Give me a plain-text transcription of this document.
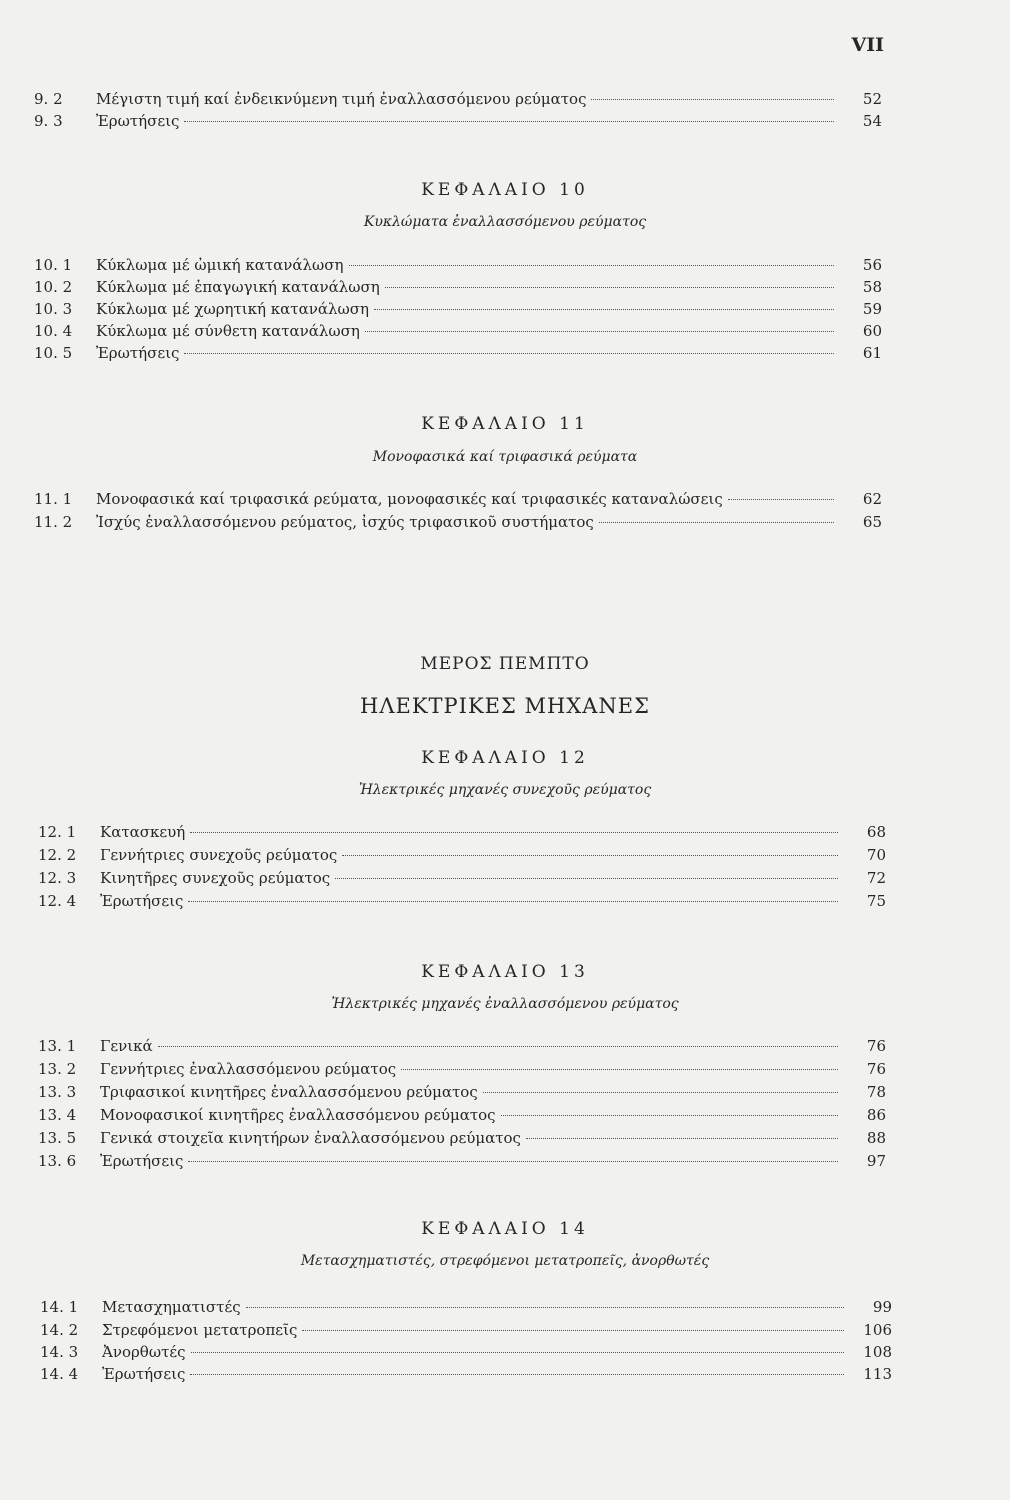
VII
9. 2	Μέγιστη τιμή καί ἐνδεικνύμενη τιμή ἐναλλασσόμενου ρεύματος	52
9. 3	Ἐρωτήσεις	54
ΚΕΦΑΛΑΙΟ 10
Κυκλώματα ἐναλλασσόμενου ρεύματος
10. 1	Κύκλωμα μέ ὠμική κατανάλωση	56
10. 2	Κύκλωμα μέ ἐπαγωγική κατανάλωση	58
10. 3	Κύκλωμα μέ χωρητική κατανάλωση	59
10. 4	Κύκλωμα μέ σύνθετη κατανάλωση	60
10. 5	Ἐρωτήσεις	61
ΚΕΦΑΛΑΙΟ 11
Μονοφασικά καί τριφασικά ρεύματα
11. 1	Μονοφασικά καί τριφασικά ρεύματα, μονοφασικές καί τριφασικές καταναλώσεις	62
11. 2	Ἰσχύς ἐναλλασσόμενου ρεύματος, ἰσχύς τριφασικοῦ συστήματος	65
ΜΕΡΟΣ ΠΕΜΠΤΟ
ΗΛΕΚΤΡΙΚΕΣ ΜΗΧΑΝΕΣ
ΚΕΦΑΛΑΙΟ 12
Ἠλεκτρικές μηχανές συνεχοῦς ρεύματος
12. 1	Κατασκευή	68
12. 2	Γεννήτριες συνεχοῦς ρεύματος	70
12. 3	Κινητῆρες συνεχοῦς ρεύματος	72
12. 4	Ἐρωτήσεις	75
ΚΕΦΑΛΑΙΟ 13
Ἠλεκτρικές μηχανές ἐναλλασσόμενου ρεύματος
13. 1	Γενικά	76
13. 2	Γεννήτριες ἐναλλασσόμενου ρεύματος	76
13. 3	Τριφασικοί κινητῆρες ἐναλλασσόμενου ρεύματος	78
13. 4	Μονοφασικοί κινητῆρες ἐναλλασσόμενου ρεύματος	86
13. 5	Γενικά στοιχεῖα κινητήρων ἐναλλασσόμενου ρεύματος	88
13. 6	Ἐρωτήσεις	97
ΚΕΦΑΛΑΙΟ 14
Μετασχηματιστές, στρεφόμενοι μετατροπεῖς, ἀνορθωτές
14. 1	Μετασχηματιστές	99
14. 2	Στρεφόμενοι μετατροπεῖς	106
14. 3	Ἀνορθωτές	108
14. 4	Ἐρωτήσεις	113
